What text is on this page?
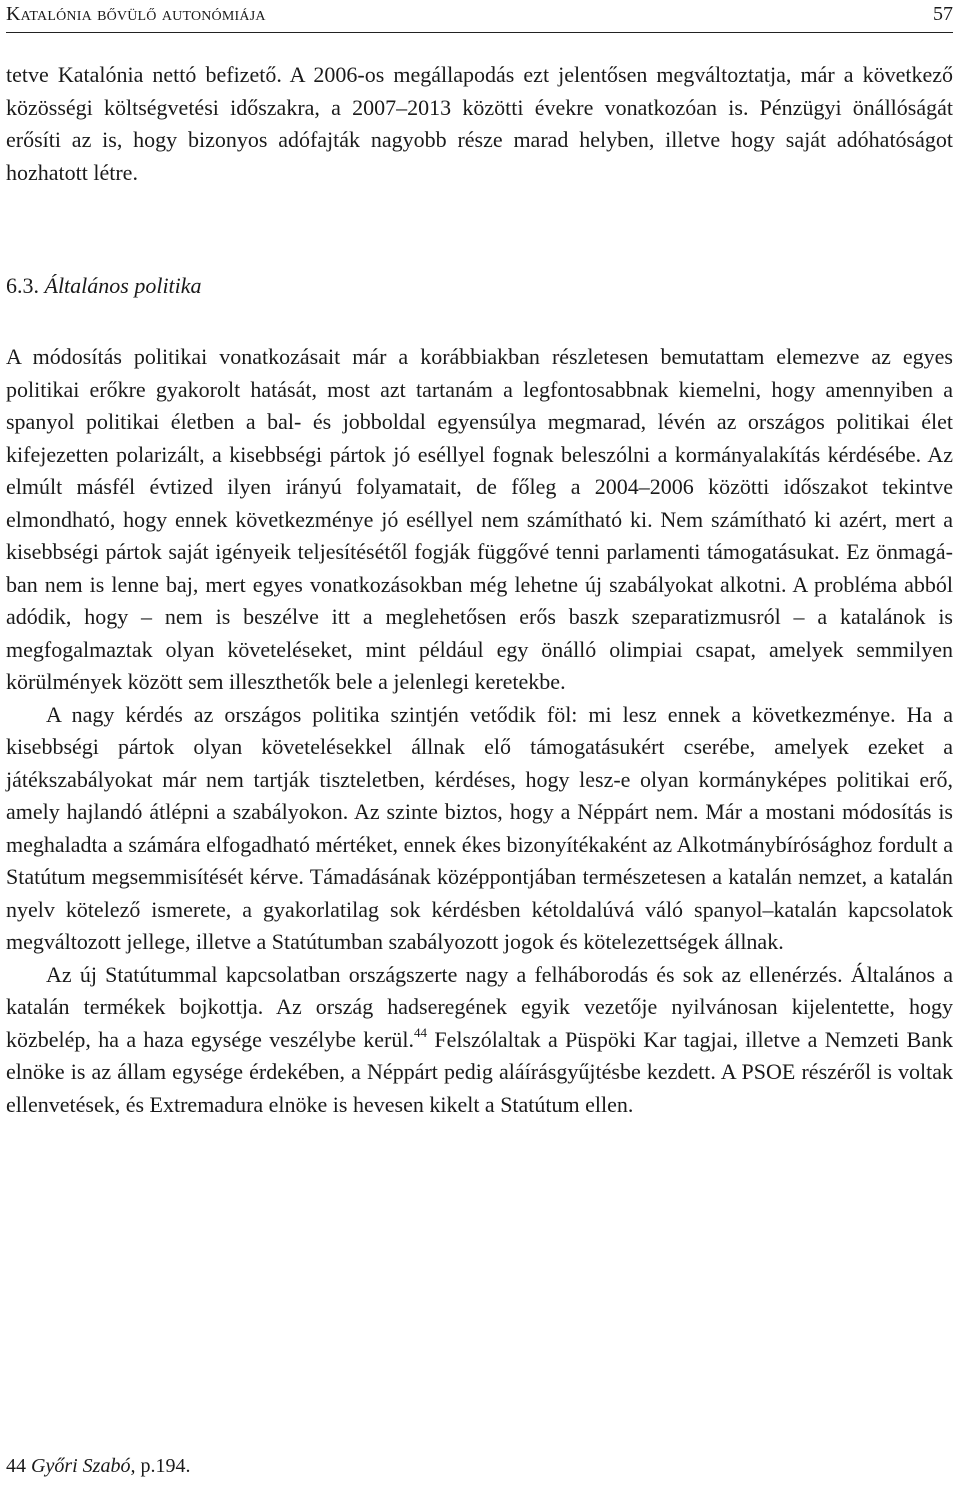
Katalónia bővülő autonómiája	57
tetve Katalónia nettó befizető. A 2006-os megállapodás ezt jelentősen megváltoztatja, már a következő közösségi költségvetési időszakra, a 2007–2013 közötti évekre vonatkozóan is. Pénzügyi önállóságát erősíti az is, hogy bizonyos adófajták nagyobb része marad helyben, illetve hogy saját adóhatóságot hozhatott létre.
6.3. Általános politika

A módosítás politikai vonatkozásait már a korábbiakban részletesen bemutattam elemezve az egyes politikai erőkre gyakorolt hatását, most azt tartanám a legfontosabbnak kiemelni, hogy amennyiben a spanyol politikai életben a bal- és jobboldal egyensúlya megmarad, lévén az országos politikai élet kifejezetten polarizált, a kisebbségi pártok jó eséllyel fognak beleszólni a kormányalakítás kérdésébe. Az elmúlt másfél évtized ilyen irányú folyamatait, de főleg a 2004–2006 közötti időszakot tekintve elmondható, hogy ennek következménye jó eséllyel nem számítható ki. Nem számítható ki azért, mert a kisebbségi pártok saját igényeik teljesítésétől fogják függővé tenni parlamenti támogatásukat. Ez önmagában nem is lenne baj, mert egyes vonatkozásokban még lehetne új szabályokat alkotni. A probléma abból adódik, hogy – nem is beszélve itt a meglehetősen erős baszk szeparatizmusról – a katalánok is megfogalmaztak olyan követeléseket, mint például egy önálló olimpiai csapat, amelyek semmilyen körülmények között sem illeszthetők bele a jelenlegi keretekbe.

A nagy kérdés az országos politika szintjén vetődik föl: mi lesz ennek a következménye. Ha a kisebbségi pártok olyan követelésekkel állnak elő támogatásukért cserébe, amelyek ezeket a játékszabályokat már nem tartják tiszteletben, kérdéses, hogy lesz-e olyan kormányképes politikai erő, amely hajlandó átlépni a szabályokon. Az szinte biztos, hogy a Néppárt nem. Már a mostani módosítás is meghaladta a számára elfogadható mértéket, ennek ékes bizonyítékaként az Alkotmánybírósághoz fordult a Statútum megsemmisítését kérve. Támadásának középpontjában természetesen a katalán nemzet, a katalán nyelv kötelező ismerete, a gyakorlatilag sok kérdésben kétoldalúvá váló spanyol–katalán kapcsolatok megváltozott jellege, illetve a Statútumban szabályozott jogok és kötelezettségek állnak.

Az új Statútummal kapcsolatban országszerte nagy a felháborodás és sok az ellenérzés. Általános a katalán termékek bojkottja. Az ország hadseregének egyik vezetője nyilvánosan kijelentette, hogy közbelép, ha a haza egysége veszélybe kerül.$^{44}$ Felszólaltak a Püspöki Kar tagjai, illetve a Nemzeti Bank elnöke is az állam egysége érdekében, a Néppárt pedig aláírásgyűjtésbe kezdett. A PSOE részéről is voltak ellenvetések, és Extremadura elnöke is hevesen kikelt a Statútum ellen.

44 Győri Szabó, p.194.
